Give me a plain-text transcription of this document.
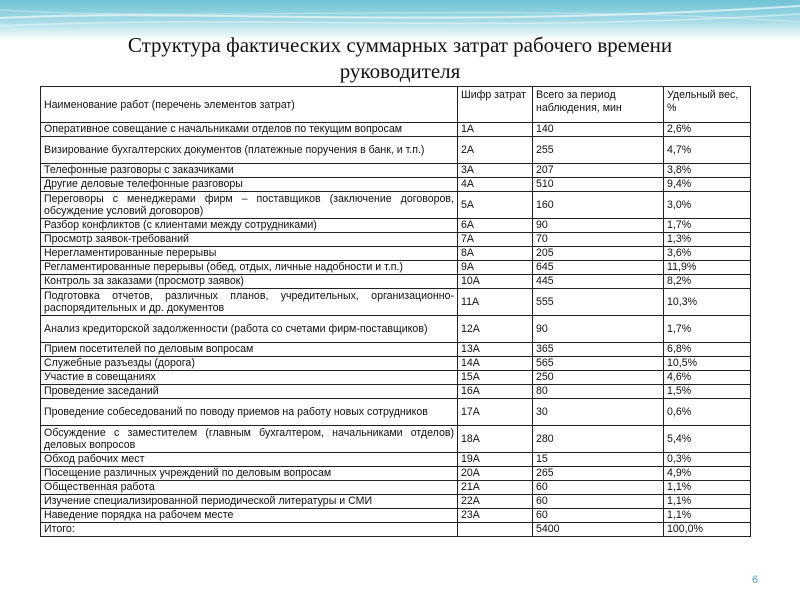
Структура фактических суммарных затрат рабочего времени
руководителя
Наименование работ (перечень элементов затрат)	Шифр затрат	Всего за период наблюдения, мин	Удельный вес, %
Оперативное совещание с начальниками отделов по текущим вопросам	1А	140	2,6%
Визирование бухгалтерских документов (платежные поручения в банк, и т.п.)	2А	255	4,7%
Телефонные разговоры с заказчиками	3А	207	3,8%
Другие деловые телефонные разговоры	4А	510	9,4%
Переговоры с менеджерами фирм – поставщиков (заключение договоров, обсуждение условий договоров)	5А	160	3,0%
Разбор конфликтов (с клиентами между сотрудниками)	6А	90	1,7%
Просмотр заявок-требований	7А	70	1,3%
Нерегламентированные перерывы	8А	205	3,6%
Регламентированные перерывы (обед, отдых, личные надобности и т.п.)	9А	645	11,9%
Контроль за заказами (просмотр заявок)	10А	445	8,2%
Подготовка отчетов, различных планов, учредительных, организационно-распорядительных и др. документов	11А	555	10,3%
Анализ кредиторской задолженности (работа со счетами фирм-поставщиков)	12А	90	1,7%
Прием посетителей по деловым вопросам	13А	365	6,8%
Служебные разъезды (дорога)	14А	565	10,5%
Участие в совещаниях	15А	250	4,6%
Проведение заседаний	16А	80	1,5%
Проведение собеседований по поводу приемов на работу новых сотрудников	17А	30	0,6%
Обсуждение с заместителем (главным бухгалтером, начальниками отделов) деловых вопросов	18А	280	5,4%
Обход рабочих мест	19А	15	0,3%
Посещение различных учреждений по деловым вопросам	20А	265	4,9%
Общественная работа	21А	60	1,1%
Изучение специализированной периодической литературы и СМИ	22А	60	1,1%
Наведение порядка на рабочем месте	23А	60	1,1%
Итого:		5400	100,0%
6
